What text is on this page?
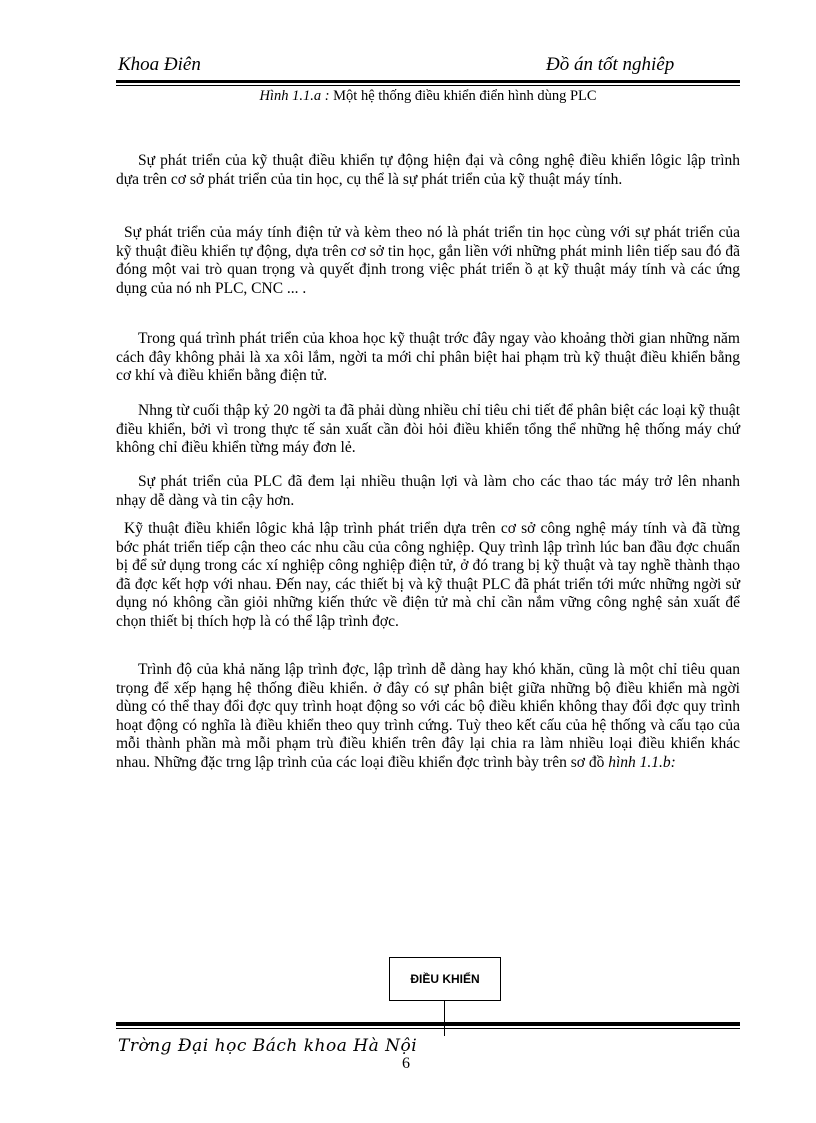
Khoa Điên	Đồ án tốt nghiêp
Hình 1.1.a : Một hệ thống điều khiển điển hình dùng PLC

Sự phát triển của kỹ thuật điều khiển tự động hiện đại và công nghệ điều khiển lôgic lập trình dựa trên cơ sở phát triển của tin học, cụ thể là sự phát triển của kỹ thuật máy tính.

Sự phát triển của máy tính điện tử và kèm theo nó là phát triển tin học cùng với sự phát triển của kỹ thuật điều khiển tự động, dựa trên cơ sở tin học, gắn liền với những phát minh liên tiếp sau đó đã đóng một vai trò quan trọng và quyết định trong việc phát triển ồ ạt kỹ thuật máy tính và các ứng dụng của nó nh PLC, CNC ... .

Trong quá trình phát triển của khoa học kỹ thuật trớc đây ngay vào khoảng thời gian những năm cách đây không phải là xa xôi lắm, ngời ta mới chỉ phân biệt hai phạm trù kỹ thuật điều khiển bằng cơ khí và điều khiển bằng điện tử.

Nhng từ cuối thập kỷ 20 ngời ta đã phải dùng nhiều chỉ tiêu chi tiết để phân biệt các loại kỹ thuật điều khiển, bởi vì trong thực tế sản xuất cần đòi hỏi điều khiển tổng thể những hệ thống máy chứ không chỉ điều khiển từng máy đơn lẻ.

Sự phát triển của PLC đã đem lại nhiều thuận lợi và làm cho các thao tác máy trở lên nhanh nhạy dễ dàng và tin cậy hơn.

Kỹ thuật điều khiển lôgic khả lập trình phát triển dựa trên cơ sở công nghệ máy tính và đã từng bớc phát triển tiếp cận theo các nhu cầu của công nghiệp. Quy trình lập trình lúc ban đầu đợc chuẩn bị để sử dụng trong các xí nghiệp công nghiệp điện tử, ở đó trang bị kỹ thuật và tay nghề thành thạo đã đợc kết hợp với nhau. Đến nay, các thiết bị và kỹ thuật PLC đã phát triển tới mức những ngời sử dụng nó không cần giỏi những kiến thức về điện tử mà chỉ cần nắm vững công nghệ sản xuất để chọn thiết bị thích hợp là có thể lập trình đợc.

Trình độ của khả năng lập trình đợc, lập trình dễ dàng hay khó khăn, cũng là một chỉ tiêu quan trọng để xếp hạng hệ thống điều khiển. ở đây có sự phân biệt giữa những bộ điều khiển mà ngời dùng có thể thay đổi đợc quy trình hoạt động so với các bộ điều khiển không thay đổi đợc quy trình hoạt động có nghĩa là điều khiển theo quy trình cứng. Tuỳ theo kết cấu của hệ thống và cấu tạo của mỗi thành phần mà mỗi phạm trù điều khiển trên đây lại chia ra làm nhiều loại điều khiển khác nhau. Những đặc trng lập trình của các loại điều khiển đợc trình bày trên sơ đồ hình 1.1.b:

ĐIỀU KHIỂN
Trờng Đại học Bách khoa Hà Nội
6
